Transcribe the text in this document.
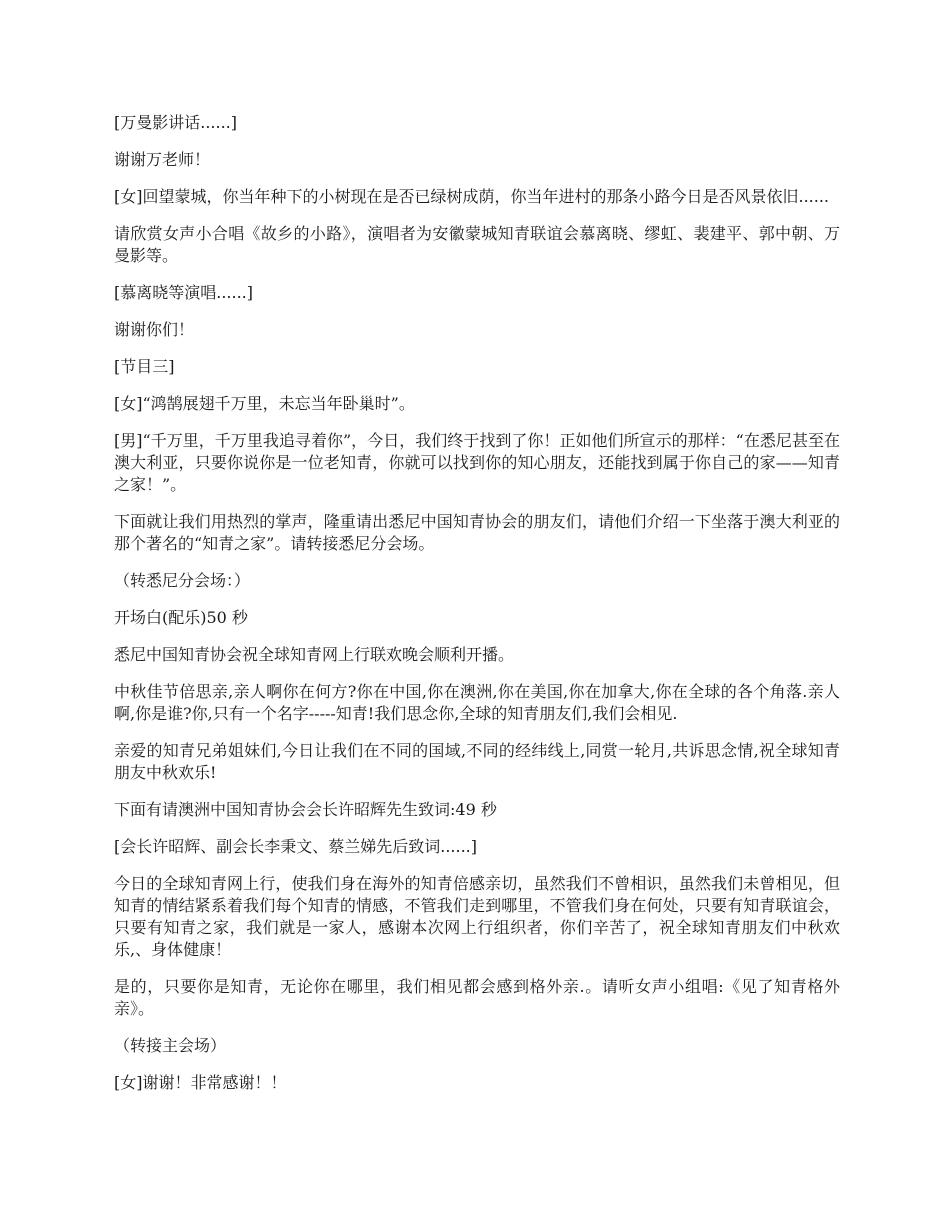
[万曼影讲话......]

谢谢万老师！

[女]回望蒙城，你当年种下的小树现在是否已绿树成荫，你当年进村的那条小路今日是否风景依旧......

请欣赏女声小合唱《故乡的小路》，演唱者为安徽蒙城知青联谊会慕离晓、缪虹、裴建平、郭中朝、万曼影等。

[慕离晓等演唱......]

谢谢你们！

[节目三]

[女]“鸿鹄展翅千万里，未忘当年卧巢时”。

[男]“千万里，千万里我追寻着你”，今日，我们终于找到了你！正如他们所宣示的那样：“在悉尼甚至在澳大利亚，只要你说你是一位老知青，你就可以找到你的知心朋友，还能找到属于你自己的家——知青之家！”。

下面就让我们用热烈的掌声，隆重请出悉尼中国知青协会的朋友们，请他们介绍一下坐落于澳大利亚的那个著名的“知青之家”。请转接悉尼分会场。

（转悉尼分会场：）

开场白(配乐)50 秒

悉尼中国知青协会祝全球知青网上行联欢晚会顺利开播。

中秋佳节倍思亲,亲人啊你在何方?你在中国,你在澳洲,你在美国,你在加拿大,你在全球的各个角落.亲人啊,你是谁?你,只有一个名字-----知青!我们思念你,全球的知青朋友们,我们会相见.

亲爱的知青兄弟姐妹们,今日让我们在不同的国域,不同的经纬线上,同赏一轮月,共诉思念情,祝全球知青朋友中秋欢乐!

下面有请澳洲中国知青协会会长许昭辉先生致词:49 秒

[会长许昭辉、副会长李秉文、蔡兰娣先后致词......]

今日的全球知青网上行，使我们身在海外的知青倍感亲切，虽然我们不曾相识，虽然我们未曾相见，但知青的情结紧系着我们每个知青的情感，不管我们走到哪里，不管我们身在何处，只要有知青联谊会，只要有知青之家，我们就是一家人，感谢本次网上行组织者，你们辛苦了，祝全球知青朋友们中秋欢乐,、身体健康！

是的，只要你是知青，无论你在哪里，我们相见都会感到格外亲.。请听女声小组唱:《见了知青格外亲》。

（转接主会场）

[女]谢谢！非常感谢！！
